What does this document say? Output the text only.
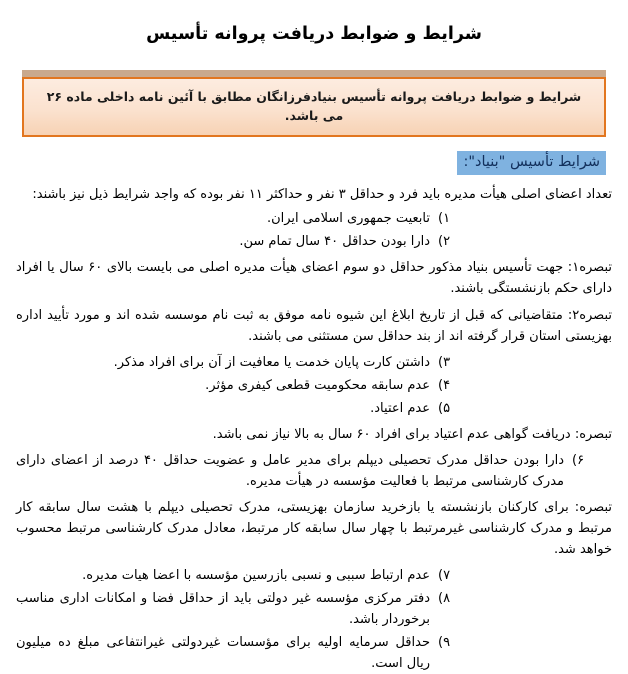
شرایط و ضوابط دریافت پروانه تأسیس
شرایط و ضوابط دریافت پروانه تأسیس بنیادفرزانگان مطابق با آئین نامه داخلی ماده ۲۶ می باشد.
شرایط تأسیس "بنیاد":

تعداد اعضای اصلی هیأت مدیره باید فرد و حداقل ۳ نفر و حداکثر ۱۱ نفر بوده که واجد شرایط ذیل نیز باشند:

۱)
تابعیت جمهوری اسلامی ایران.
۲)
دارا بودن حداقل ۴۰ سال تمام سن.

تبصره۱: جهت تأسیس بنیاد مذکور حداقل دو سوم اعضای هیأت مدیره اصلی می بایست بالای ۶۰ سال یا افراد دارای حکم بازنشستگی باشند.

تبصره۲: متقاضیانی که قبل از تاریخ ابلاغ این شیوه نامه موفق به ثبت نام موسسه شده اند و مورد تأیید اداره بهزیستی استان قرار گرفته اند از بند حداقل سن مستثنی می باشند.

۳)
داشتن کارت پایان خدمت یا معافیت از آن برای افراد مذکر.
۴)
عدم سابقه محکومیت قطعی کیفری مؤثر.
۵)
عدم اعتیاد.

تبصره: دریافت گواهی عدم اعتیاد برای افراد ۶۰ سال به بالا نیاز نمی باشد.

۶)
دارا بودن حداقل مدرک تحصیلی دیپلم برای مدیر عامل و عضویت حداقل ۴۰ درصد از اعضای دارای مدرک کارشناسی مرتبط با فعالیت مؤسسه در هیأت مدیره.

تبصره: برای کارکنان بازنشسته یا بازخرید سازمان بهزیستی، مدرک تحصیلی دیپلم با هشت سال سابقه کار مرتبط و مدرک کارشناسی غیرمرتبط با چهار سال سابقه کار مرتبط، معادل مدرک کارشناسی مرتبط محسوب خواهد شد.

۷)
عدم ارتباط سببی و نسبی بازرسین مؤسسه با اعضا هیات مدیره.
۸)
دفتر مرکزی مؤسسه غیر دولتی باید از حداقل فضا و امکانات اداری مناسب برخوردار باشد.
۹)
حداقل سرمایه اولیه برای مؤسسات غیردولتی غیرانتفاعی مبلغ ده میلیون ریال است.
